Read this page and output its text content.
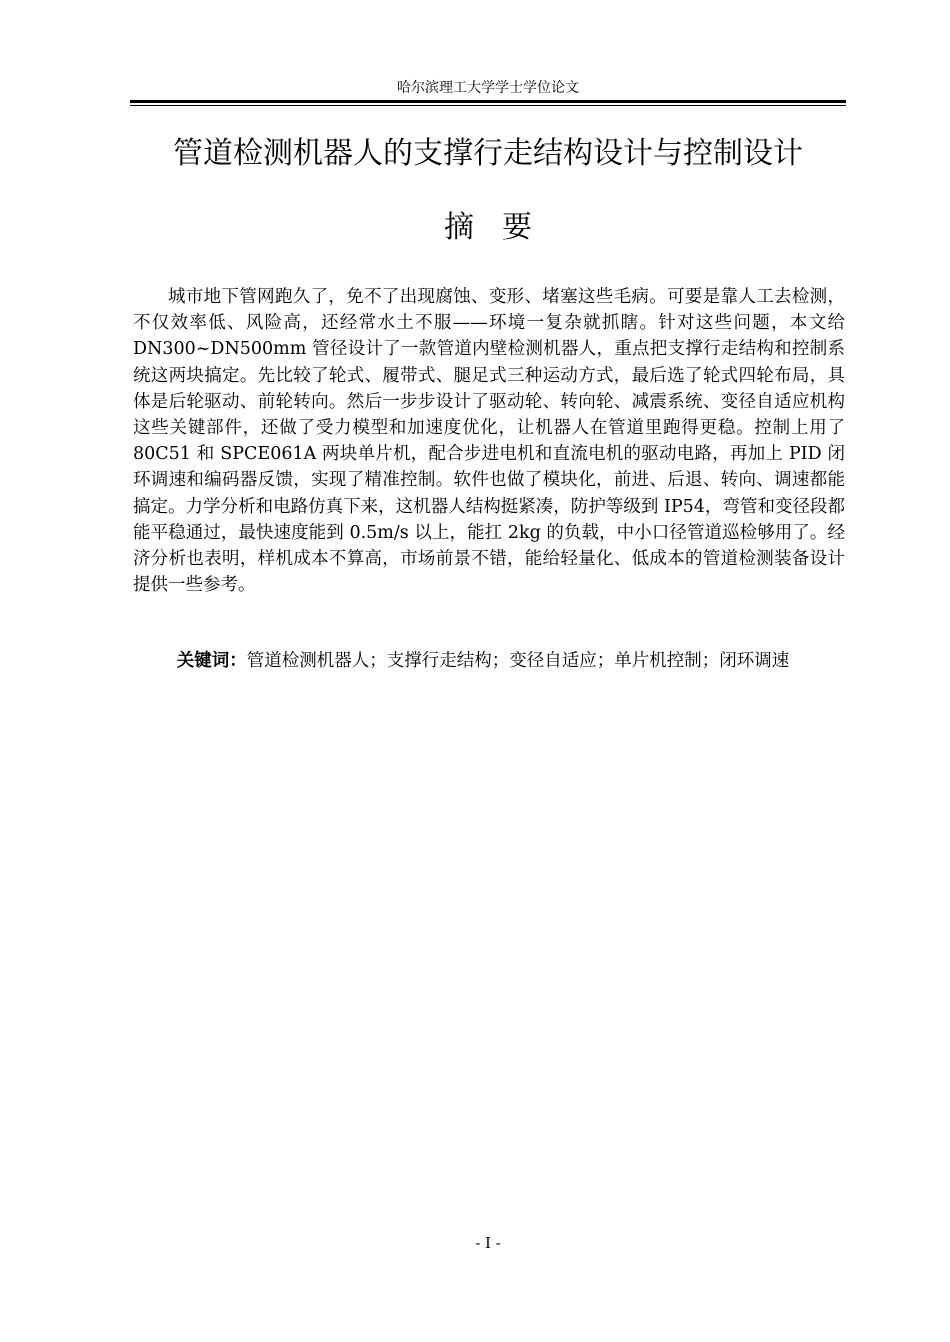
哈尔滨理工大学学士学位论文
管道检测机器人的支撑行走结构设计与控制设计
摘要

城市地下管网跑久了，免不了出现腐蚀、变形、堵塞这些毛病。可要是靠人工去检测，不仅效率低、风险高，还经常水土不服——环境一复杂就抓瞎。针对这些问题，本文给 DN300~DN500mm 管径设计了一款管道内壁检测机器人，重点把支撑行走结构和控制系统这两块搞定。先比较了轮式、履带式、腿足式三种运动方式，最后选了轮式四轮布局，具体是后轮驱动、前轮转向。然后一步步设计了驱动轮、转向轮、减震系统、变径自适应机构这些关键部件，还做了受力模型和加速度优化，让机器人在管道里跑得更稳。控制上用了 80C51 和 SPCE061A 两块单片机，配合步进电机和直流电机的驱动电路，再加上 PID 闭环调速和编码器反馈，实现了精准控制。软件也做了模块化，前进、后退、转向、调速都能搞定。力学分析和电路仿真下来，这机器人结构挺紧凑，防护等级到 IP54，弯管和变径段都能平稳通过，最快速度能到 0.5m/s 以上，能扛 2kg 的负载，中小口径管道巡检够用了。经济分析也表明，样机成本不算高，市场前景不错，能给轻量化、低成本的管道检测装备设计提供一些参考。

关键词：管道检测机器人；支撑行走结构；变径自适应；单片机控制；闭环调速

- I -
